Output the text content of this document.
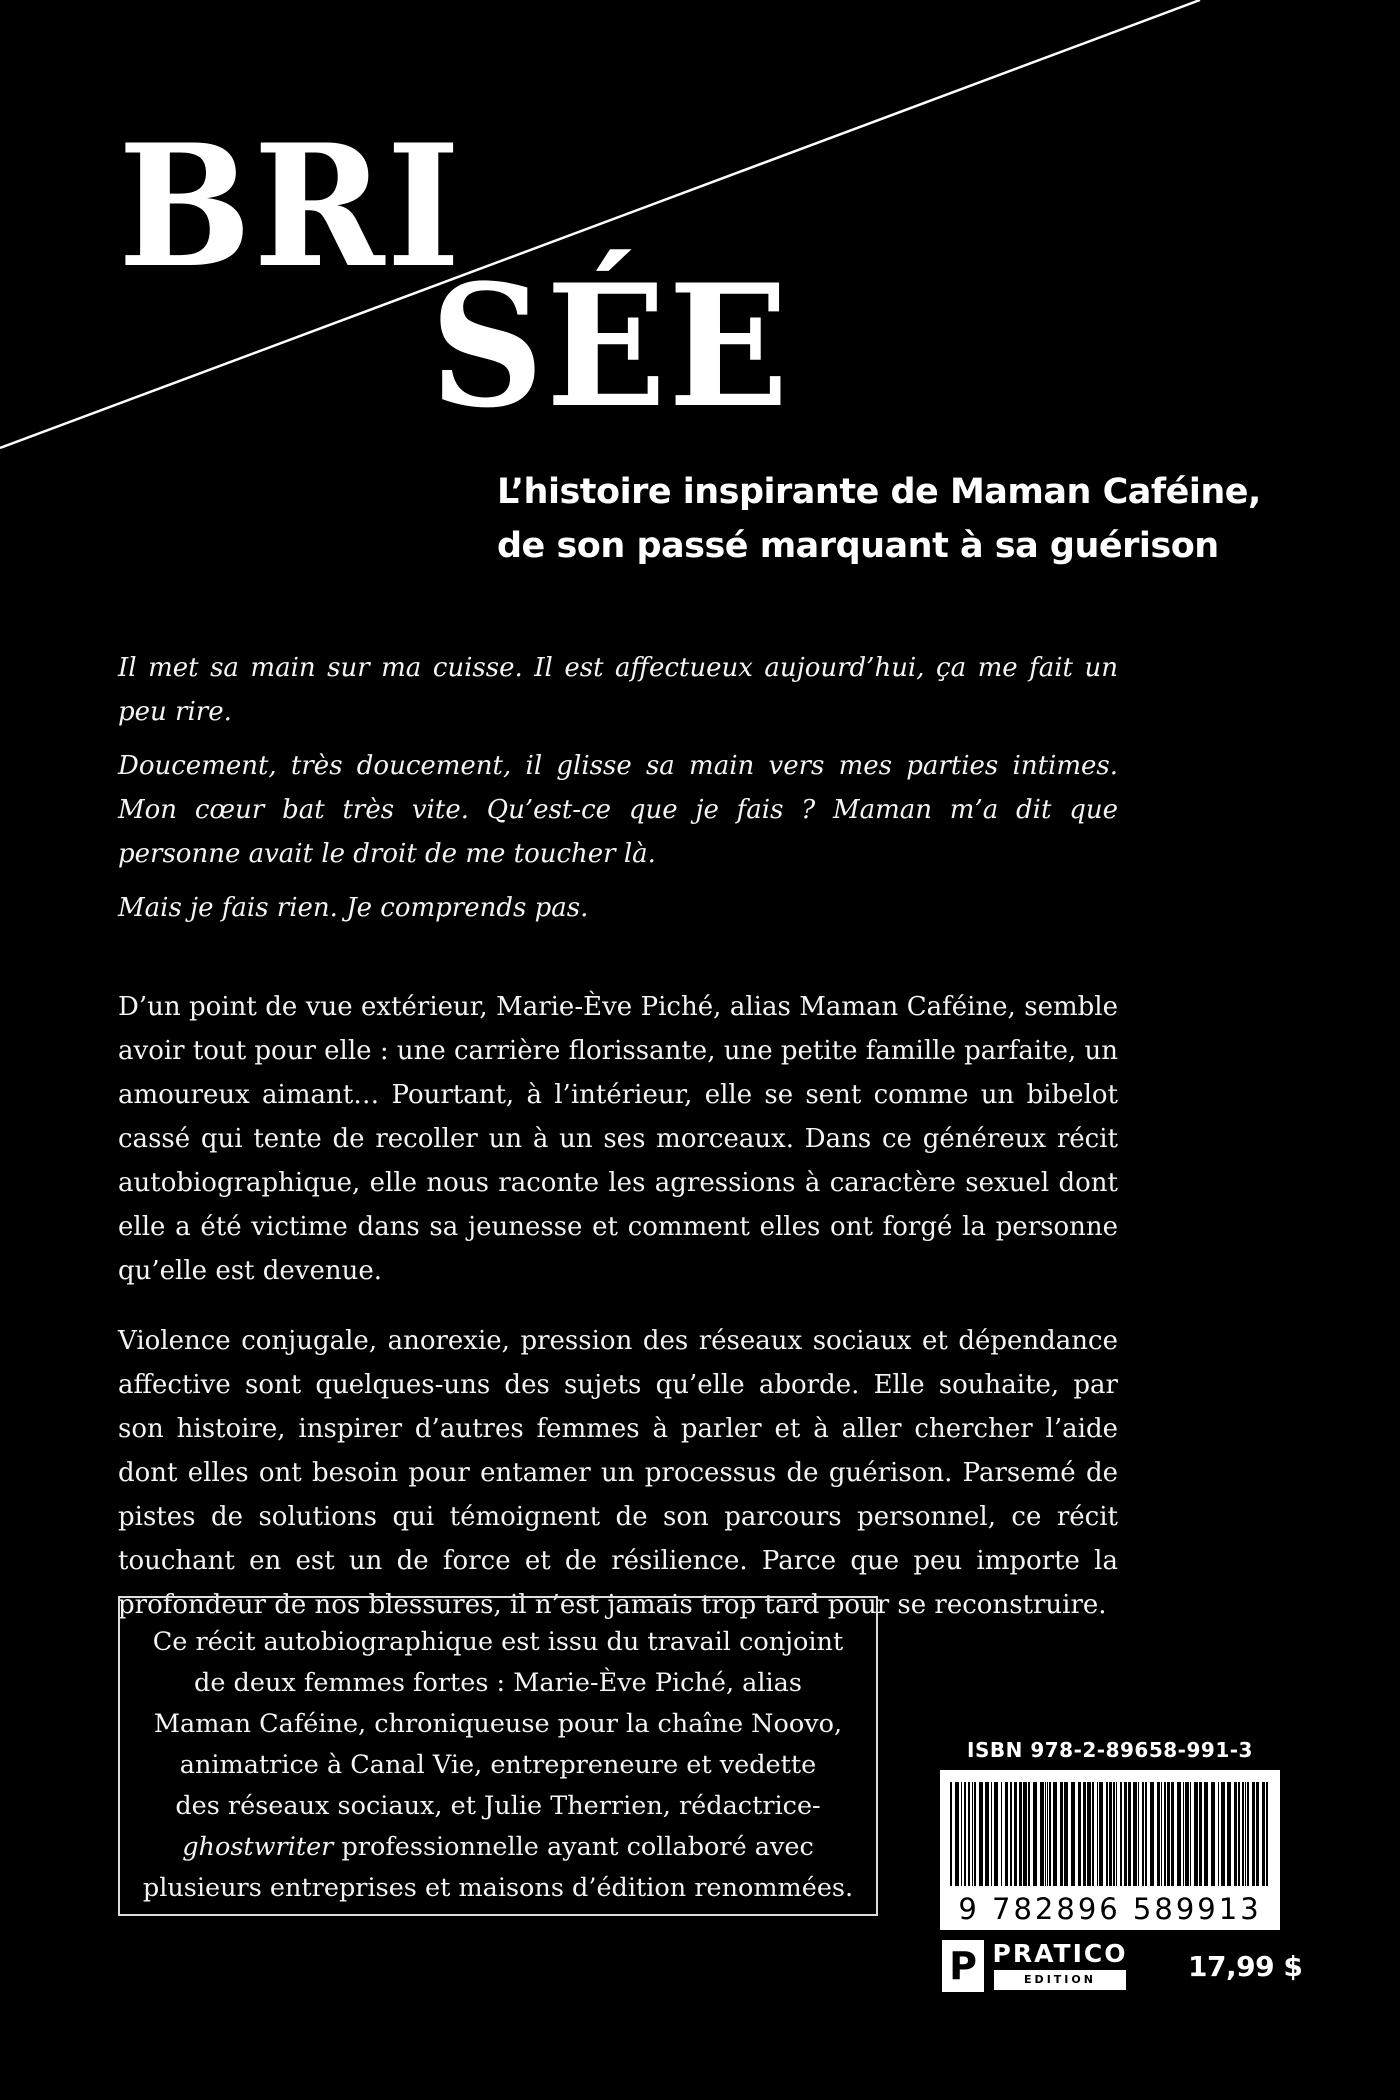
BRI
SÉE
L’histoire inspirante de Maman Caféine,
de son passé marquant à sa guérison

Il met sa main sur ma cuisse. Il est affectueux aujourd’hui, ça me fait un peu rire.

Doucement, très doucement, il glisse sa main vers mes parties intimes. Mon cœur bat très vite. Qu’est-ce que je fais ? Maman m’a dit que personne avait le droit de me toucher là.

Mais je fais rien. Je comprends pas.

D’un point de vue extérieur, Marie-Ève Piché, alias Maman Caféine, semble avoir tout pour elle : une carrière florissante, une petite famille parfaite, un amoureux aimant… Pourtant, à l’intérieur, elle se sent comme un bibelot cassé qui tente de recoller un à un ses morceaux. Dans ce généreux récit autobiographique, elle nous raconte les agressions à caractère sexuel dont elle a été victime dans sa jeunesse et comment elles ont forgé la personne qu’elle est devenue.

Violence conjugale, anorexie, pression des réseaux sociaux et dépendance affective sont quelques-uns des sujets qu’elle aborde. Elle souhaite, par son histoire, inspirer d’autres femmes à parler et à aller chercher l’aide dont elles ont besoin pour entamer un processus de guérison. Parsemé de pistes de solutions qui témoignent de son parcours personnel, ce récit touchant en est un de force et de résilience. Parce que peu importe la profondeur de nos blessures, il n’est jamais trop tard pour se reconstruire.

Ce récit autobiographique est issu du travail conjoint
de deux femmes fortes : Marie-Ève Piché, alias
Maman Caféine, chroniqueuse pour la chaîne Noovo,
animatrice à Canal Vie, entrepreneure et vedette
des réseaux sociaux, et Julie Therrien, rédactrice-
ghostwriter professionnelle ayant collaboré avec
plusieurs entreprises et maisons d’édition renommées.
ISBN 978-2-89658-991-3
9 782896 589913
P PRATICO
EDITION	17,99 $
